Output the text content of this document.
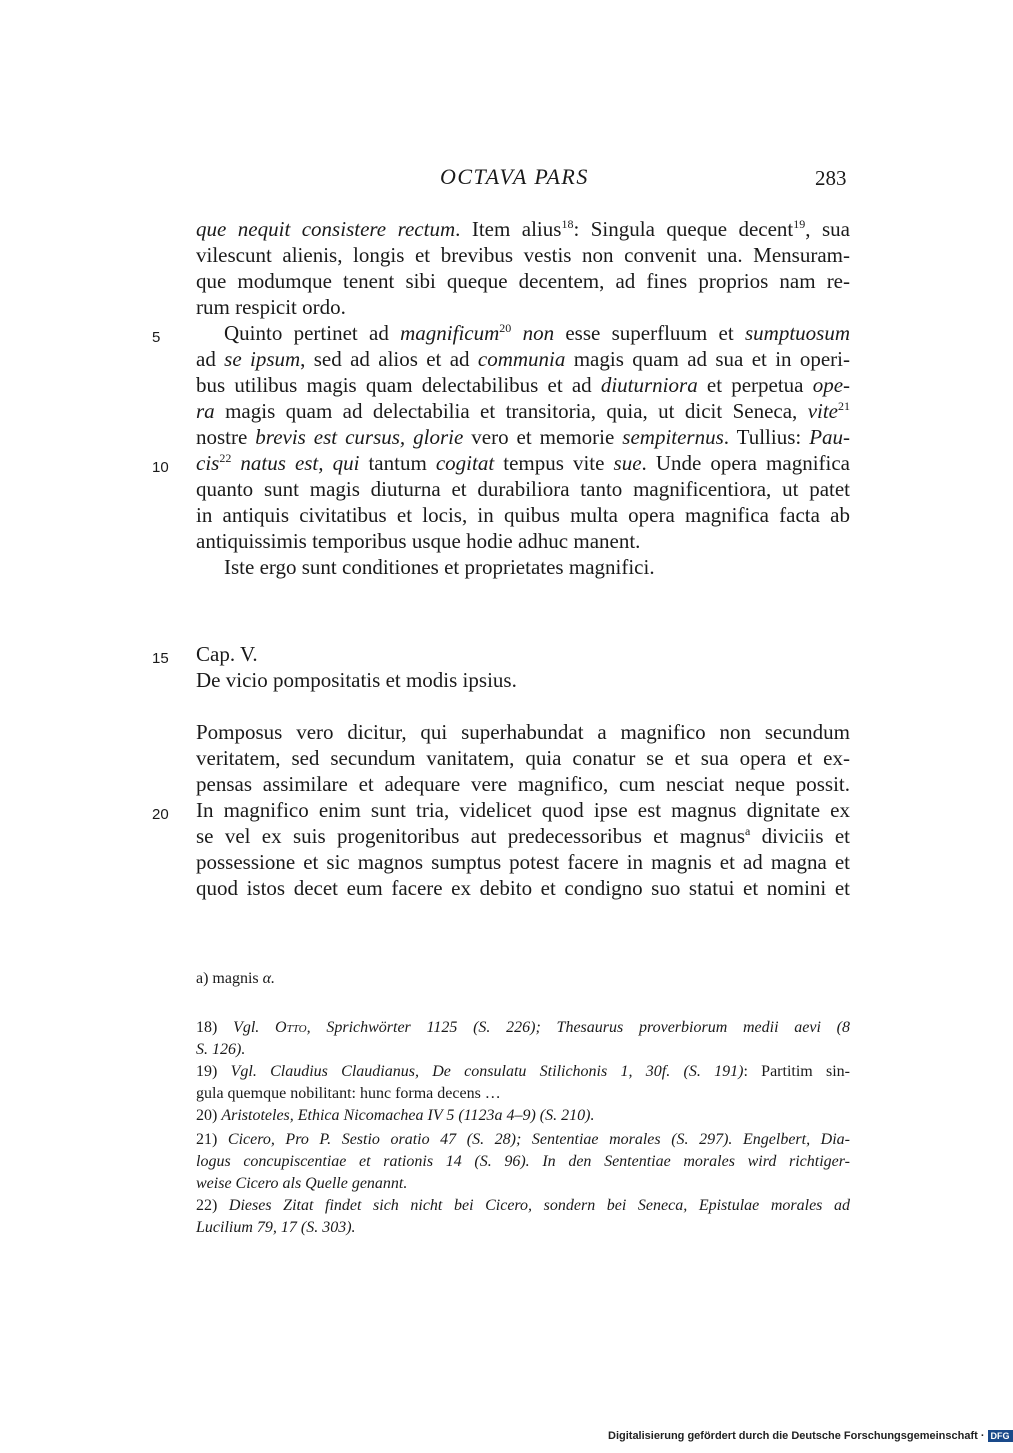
OCTAVA PARS	283
5
10
15
20
que nequit consistere rectum. Item alius$^{18}$: Singula queque decent$^{19}$, sua
vilescunt alienis, longis et brevibus vestis non convenit una. Mensuram-
que modumque tenent sibi queque decentem, ad fines proprios nam re-
rum respicit ordo.
Quinto pertinet ad magnificum$^{20}$ non esse superfluum et sumptuosum
ad se ipsum, sed ad alios et ad communia magis quam ad sua et in operi-
bus utilibus magis quam delectabilibus et ad diuturniora et perpetua ope-
ra magis quam ad delectabilia et transitoria, quia, ut dicit Seneca, vite$^{21}$
nostre brevis est cursus, glorie vero et memorie sempiternus. Tullius: Pau-
cis$^{22}$ natus est, qui tantum cogitat tempus vite sue. Unde opera magnifica
quanto sunt magis diuturna et durabiliora tanto magnificentiora, ut patet
in antiquis civitatibus et locis, in quibus multa opera magnifica facta ab
antiquissimis temporibus usque hodie adhuc manent.
Iste ergo sunt conditiones et proprietates magnifici.
Cap. V.
De vicio pompositatis et modis ipsius.
Pomposus vero dicitur, qui superhabundat a magnifico non secundum
veritatem, sed secundum vanitatem, quia conatur se et sua opera et ex-
pensas assimilare et adequare vere magnifico, cum nesciat neque possit.
In magnifico enim sunt tria, videlicet quod ipse est magnus dignitate ex
se vel ex suis progenitoribus aut predecessoribus et magnus$^a$ diviciis et
possessione et sic magnos sumptus potest facere in magnis et ad magna et
quod istos decet eum facere ex debito et condigno suo statui et nomini et
a) magnis α.
18) Vgl. Otto, Sprichwörter 1125 (S. 226); Thesaurus proverbiorum medii aevi (8
S. 126).
19) Vgl. Claudius Claudianus, De consulatu Stilichonis 1, 30f. (S. 191): Partitim sin-
gula quemque nobilitant: hunc forma decens …
20) Aristoteles, Ethica Nicomachea IV 5 (1123a 4–9) (S. 210).
21) Cicero, Pro P. Sestio oratio 47 (S. 28); Sententiae morales (S. 297). Engelbert, Dia-
logus concupiscentiae et rationis 14 (S. 96). In den Sententiae morales wird richtiger-
weise Cicero als Quelle genannt.
22) Dieses Zitat findet sich nicht bei Cicero, sondern bei Seneca, Epistulae morales ad
Lucilium 79, 17 (S. 303).
Digitalisierung gefördert durch die Deutsche Forschungsgemeinschaft · DFG
